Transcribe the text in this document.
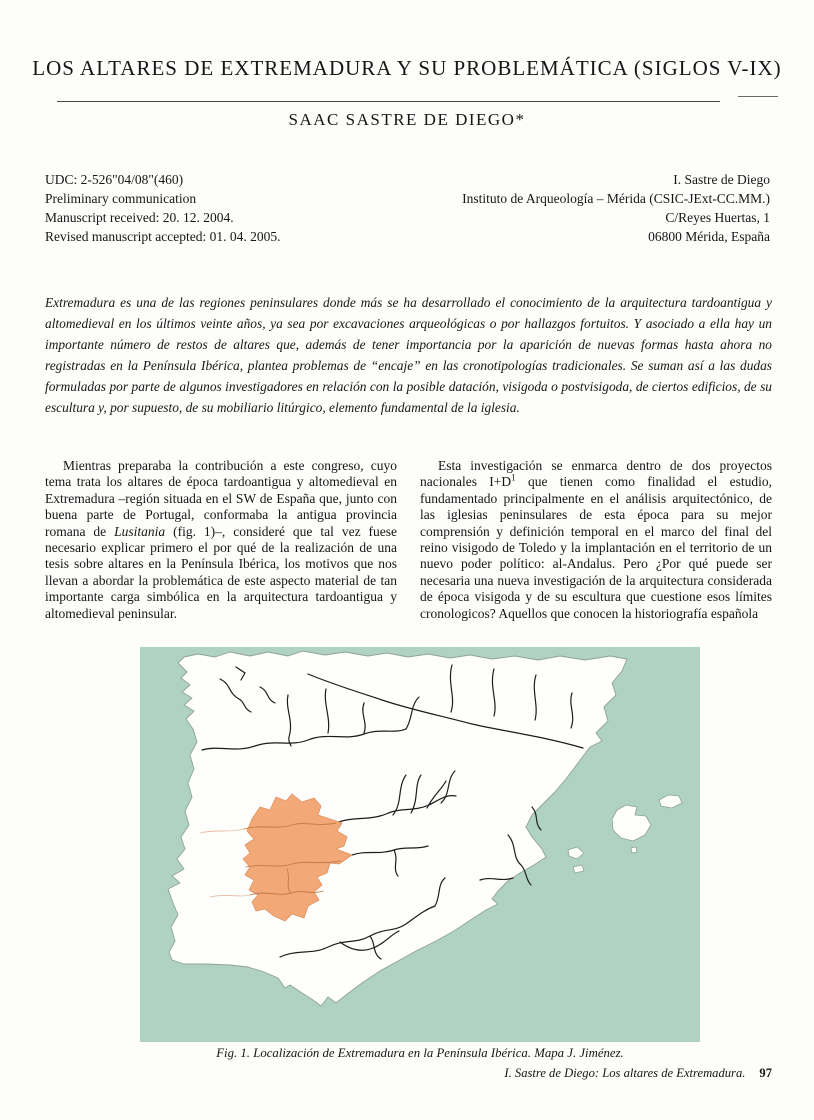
LOS ALTARES DE EXTREMADURA Y SU PROBLEMÁTICA (SIGLOS V-IX)
SAAC SASTRE DE DIEGO*
UDC: 2-526"04/08"(460)
Preliminary communication
Manuscript received: 20. 12. 2004.
Revised manuscript accepted: 01. 04. 2005.
I. Sastre de Diego
Instituto de Arqueología – Mérida (CSIC-JExt-CC.MM.)
C/Reyes Huertas, 1
06800 Mérida, España

Extremadura es una de las regiones peninsulares donde más se ha desarrollado el conocimiento de la arquitectura tardoantigua y altomedieval en los últimos veinte años, ya sea por excavaciones arqueológicas o por hallazgos fortuitos. Y asociado a ella hay un importante número de restos de altares que, además de tener importancia por la aparición de nuevas formas hasta ahora no registradas en la Península Ibérica, plantea problemas de “encaje” en las cronotipologías tradicionales. Se suman así a las dudas formuladas por parte de algunos investigadores en relación con la posible datación, visigoda o postvisigoda, de ciertos edificios, de su escultura y, por supuesto, de su mobiliario litúrgico, elemento fundamental de la iglesia.

Mientras preparaba la contribución a este congreso, cuyo tema trata los altares de época tardoantigua y altomedieval en Extremadura –región situada en el SW de España que, junto con buena parte de Portugal, conformaba la antigua provincia romana de Lusitania (fig. 1)–, consideré que tal vez fuese necesario explicar primero el por qué de la realización de una tesis sobre altares en la Península Ibérica, los motivos que nos llevan a abordar la problemática de este aspecto material de tan importante carga simbólica en la arquitectura tardoantigua y altomedieval peninsular.

Esta investigación se enmarca dentro de dos proyectos nacionales $I+D^1$ que tienen como finalidad el estudio, fundamentado principalmente en el análisis arquitectónico, de las iglesias peninsulares de esta época para su mejor comprensión y definición temporal en el marco del final del reino visigodo de Toledo y la implantación en el territorio de un nuevo poder político: al-Andalus. Pero ¿Por qué puede ser necesaria una nueva investigación de la arquitectura considerada de época visigoda y de su escultura que cuestione esos límites cronologicos? Aquellos que conocen la historiografía española

Fig. 1. Localización de Extremadura en la Península Ibérica. Mapa J. Jiménez.
I. Sastre de Diego: Los altares de Extremadura. 97
